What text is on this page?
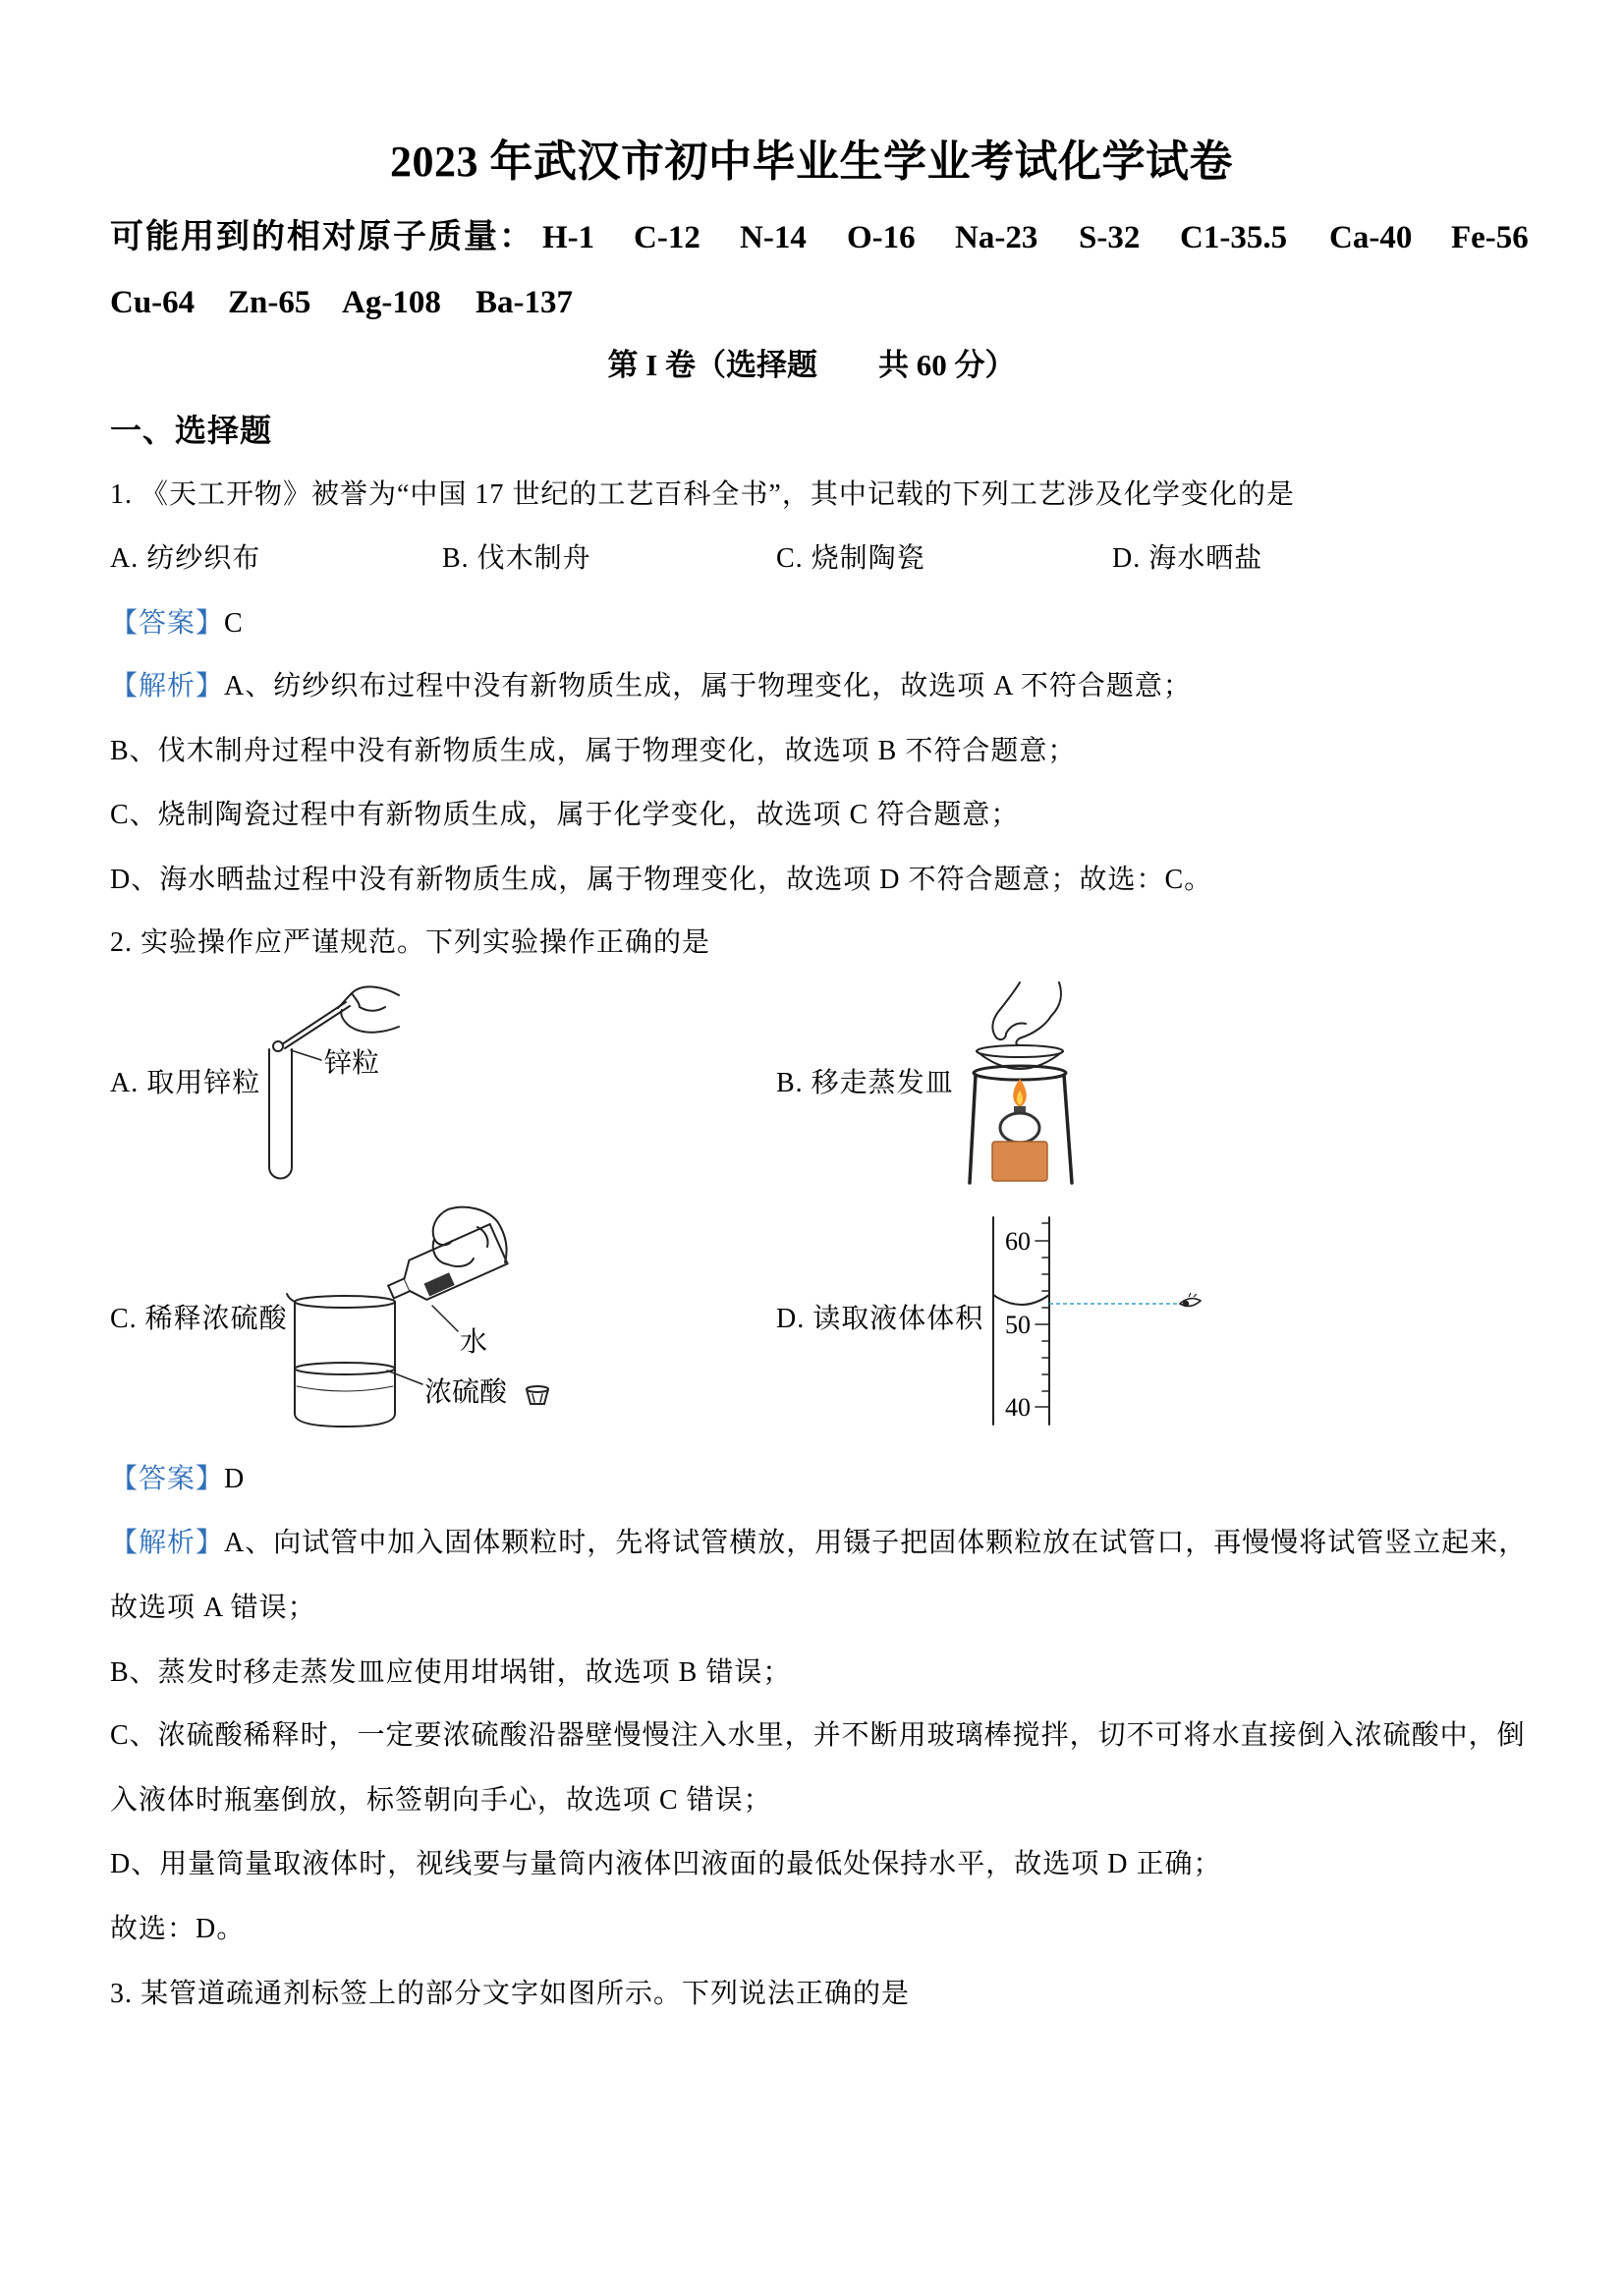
2023 年武汉市初中毕业生学业考试化学试卷
可能用到的相对原子质量： H-1 C-12 N-14 O-16 Na-23 S-32 C1-35.5 Ca-40 Fe-56
Cu-64 Zn-65 Ag-108 Ba-137
第 I 卷（选择题　　共 60 分）
一、选择题
1. 《天工开物》被誉为“中国 17 世纪的工艺百科全书”，其中记载的下列工艺涉及化学变化的是
A. 纺纱织布	B. 伐木制舟	C. 烧制陶瓷	D. 海水晒盐
【答案】C
【解析】A、纺纱织布过程中没有新物质生成，属于物理变化，故选项 A 不符合题意；
B、伐木制舟过程中没有新物质生成，属于物理变化，故选项 B 不符合题意；
C、烧制陶瓷过程中有新物质生成，属于化学变化，故选项 C 符合题意；
D、海水晒盐过程中没有新物质生成，属于物理变化，故选项 D 不符合题意；故选：C。
2. 实验操作应严谨规范。下列实验操作正确的是
A. 取用锌粒	B. 移走蒸发皿
C. 稀释浓硫酸	D. 读取液体体积
锌粒
水
浓硫酸
60
50
40
【答案】D
【解析】A、向试管中加入固体颗粒时，先将试管横放，用镊子把固体颗粒放在试管口，再慢慢将试管竖立起来，
故选项 A 错误；
B、蒸发时移走蒸发皿应使用坩埚钳，故选项 B 错误；
C、浓硫酸稀释时，一定要浓硫酸沿器壁慢慢注入水里，并不断用玻璃棒搅拌，切不可将水直接倒入浓硫酸中，倒
入液体时瓶塞倒放，标签朝向手心，故选项 C 错误；
D、用量筒量取液体时，视线要与量筒内液体凹液面的最低处保持水平，故选项 D 正确；
故选：D。
3. 某管道疏通剂标签上的部分文字如图所示。下列说法正确的是
